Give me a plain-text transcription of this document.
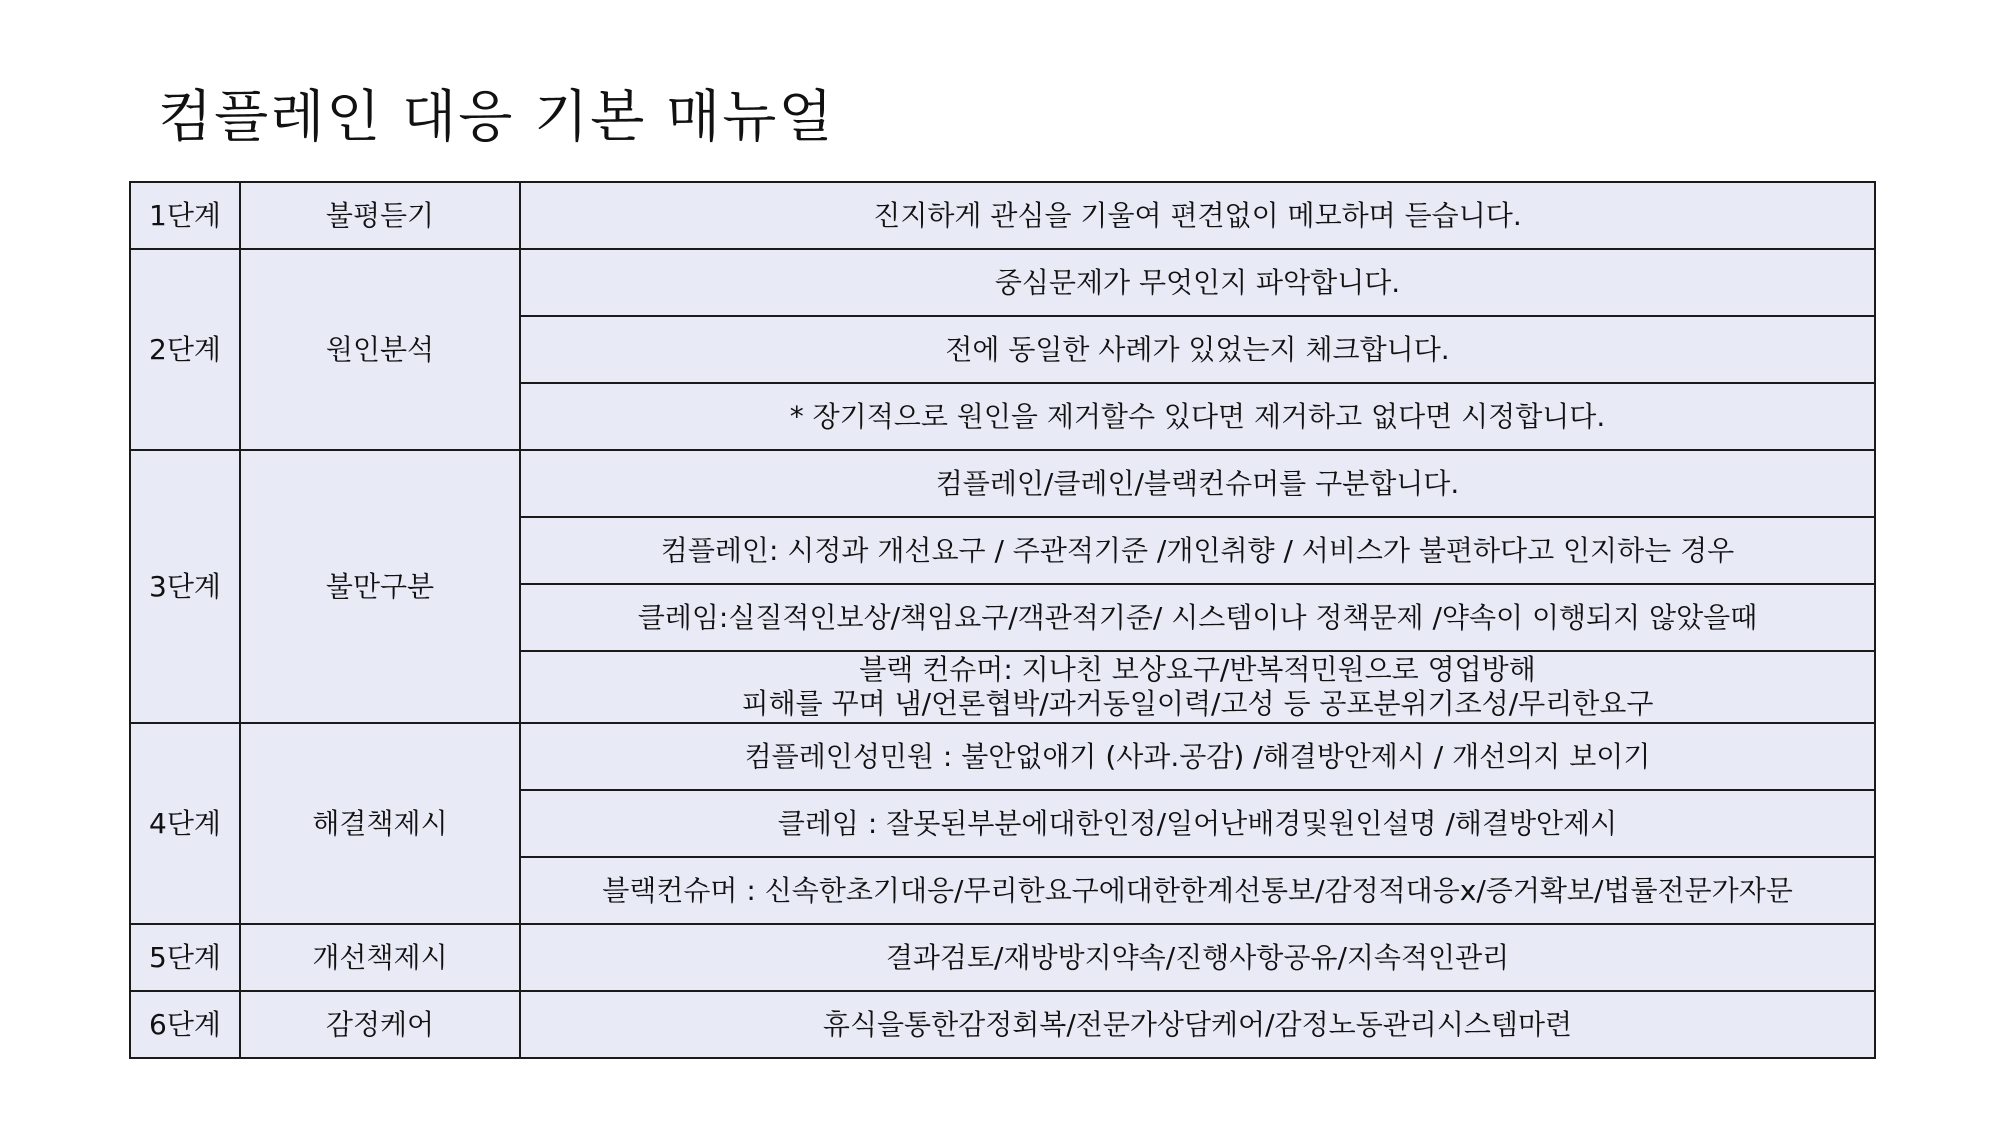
컴플레인 대응 기본 매뉴얼
1단계	불평듣기	진지하게 관심을 기울여 편견없이 메모하며 듣습니다.
2단계	원인분석	중심문제가 무엇인지 파악합니다.
		전에 동일한 사례가 있었는지 체크합니다.
		* 장기적으로 원인을 제거할수 있다면 제거하고 없다면 시정합니다.
3단계	불만구분	컴플레인/클레인/블랙컨슈머를 구분합니다.
		컴플레인: 시정과 개선요구 / 주관적기준 /개인취향 / 서비스가 불편하다고 인지하는 경우
		클레임:실질적인보상/책임요구/객관적기준/ 시스템이나 정책문제 /약속이 이행되지 않았을때

		블랙 컨슈머: 지나친 보상요구/반복적민원으로 영업방해
피해를 꾸며 냄/언론협박/과거동일이력/고성 등 공포분위기조성/무리한요구

4단계	해결책제시	컴플레인성민원 : 불안없애기 (사과.공감) /해결방안제시 / 개선의지 보이기
		클레임 : 잘못된부분에대한인정/일어난배경및원인설명 /해결방안제시
		블랙컨슈머 : 신속한초기대응/무리한요구에대한한계선통보/감정적대응x/증거확보/법률전문가자문
5단계	개선책제시	결과검토/재방방지약속/진행사항공유/지속적인관리
6단계	감정케어	휴식을통한감정회복/전문가상담케어/감정노동관리시스템마련
